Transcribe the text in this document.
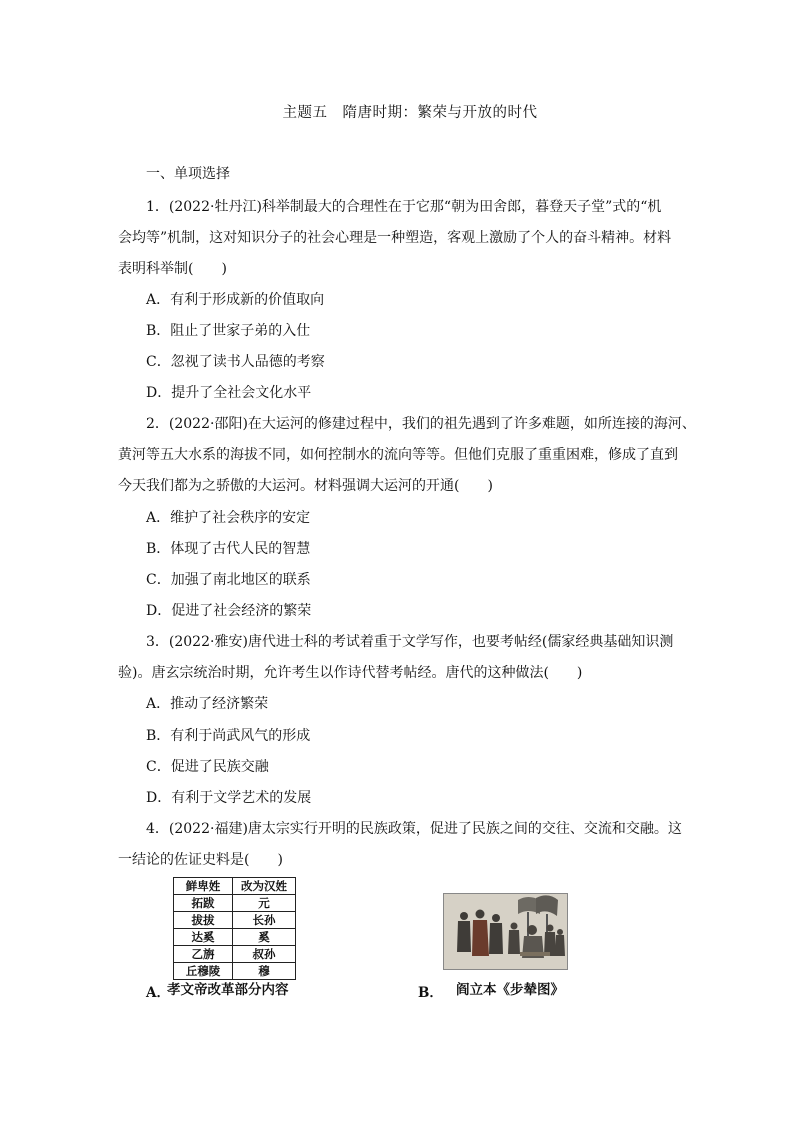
主题五　隋唐时期：繁荣与开放的时代
一、单项选择
1．(2022·牡丹江)科举制最大的合理性在于它那“朝为田舍郎，暮登天子堂”式的“机
会均等”机制，这对知识分子的社会心理是一种塑造，客观上激励了个人的奋斗精神。材料
表明科举制(　　)
A．有利于形成新的价值取向
B．阻止了世家子弟的入仕
C．忽视了读书人品德的考察
D．提升了全社会文化水平
2．(2022·邵阳)在大运河的修建过程中，我们的祖先遇到了许多难题，如所连接的海河、
黄河等五大水系的海拔不同，如何控制水的流向等等。但他们克服了重重困难，修成了直到
今天我们都为之骄傲的大运河。材料强调大运河的开通(　　)
A．维护了社会秩序的安定
B．体现了古代人民的智慧
C．加强了南北地区的联系
D．促进了社会经济的繁荣
3．(2022·雅安)唐代进士科的考试着重于文学写作，也要考帖经(儒家经典基础知识测
验)。唐玄宗统治时期，允许考生以作诗代替考帖经。唐代的这种做法(　　)
A．推动了经济繁荣
B．有利于尚武风气的形成
C．促进了民族交融
D．有利于文学艺术的发展
4．(2022·福建)唐太宗实行开明的民族政策，促进了民族之间的交往、交流和交融。这
一结论的佐证史料是(　　)
鲜卑姓	改为汉姓
拓跋	元
拔拔	长孙
达奚	奚
乙旃	叔孙
丘穆陵	穆
A．
孝文帝改革部分内容	B． 阎立本《步辇图》
